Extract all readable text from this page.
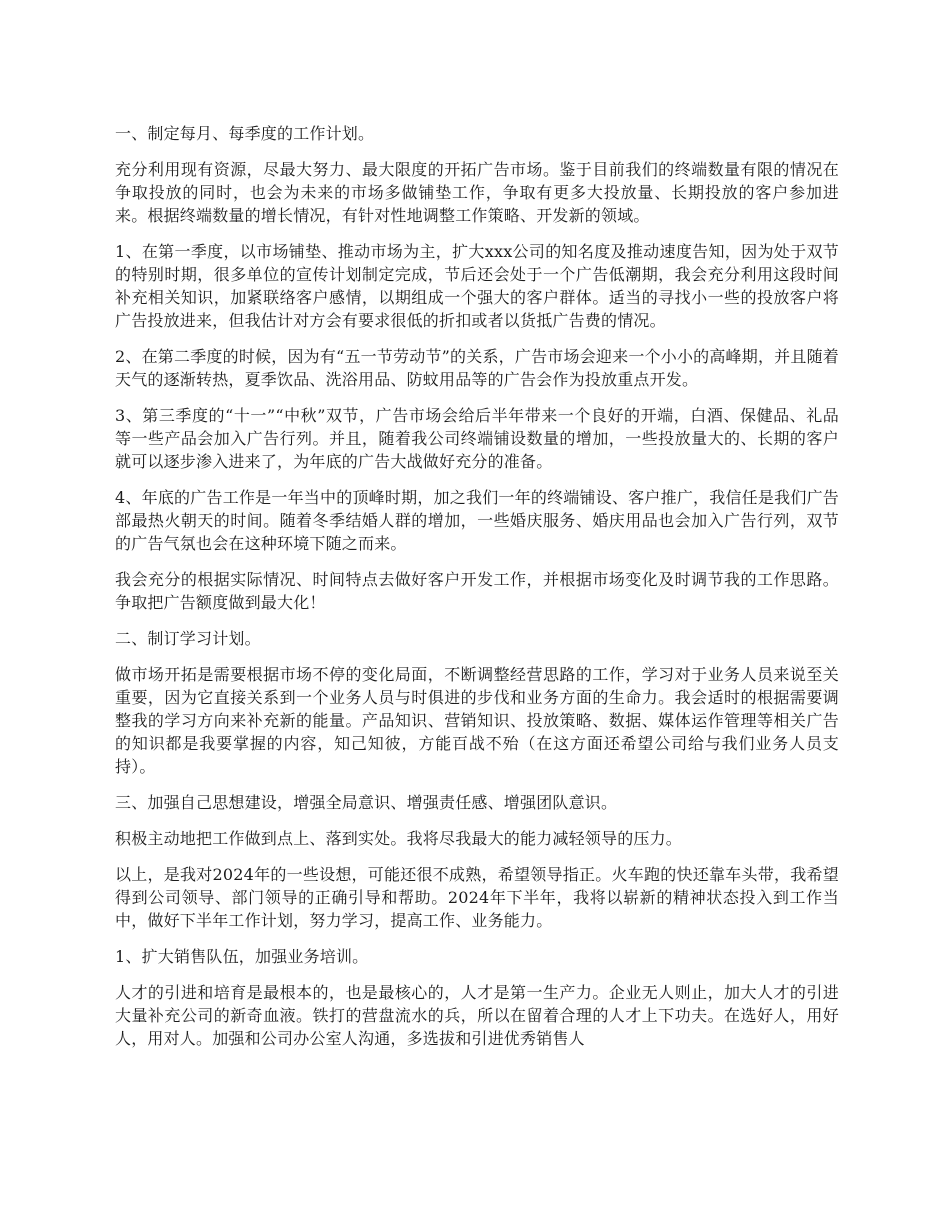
一、制定每月、每季度的工作计划。

充分利用现有资源，尽最大努力、最大限度的开拓广告市场。鉴于目前我们的终端数量有限的情况在争取投放的同时，也会为未来的市场多做铺垫工作，争取有更多大投放量、长期投放的客户参加进来。根据终端数量的增长情况，有针对性地调整工作策略、开发新的领域。

1、在第一季度，以市场铺垫、推动市场为主，扩大xxx公司的知名度及推动速度告知，因为处于双节的特别时期，很多单位的宣传计划制定完成，节后还会处于一个广告低潮期，我会充分利用这段时间补充相关知识，加紧联络客户感情，以期组成一个强大的客户群体。适当的寻找小一些的投放客户将广告投放进来，但我估计对方会有要求很低的折扣或者以货抵广告费的情况。

2、在第二季度的时候，因为有“五一节劳动节”的关系，广告市场会迎来一个小小的高峰期，并且随着天气的逐渐转热，夏季饮品、洗浴用品、防蚊用品等的广告会作为投放重点开发。

3、第三季度的“十一”“中秋”双节，广告市场会给后半年带来一个良好的开端，白酒、保健品、礼品等一些产品会加入广告行列。并且，随着我公司终端铺设数量的增加，一些投放量大的、长期的客户就可以逐步渗入进来了，为年底的广告大战做好充分的准备。

4、年底的广告工作是一年当中的顶峰时期，加之我们一年的终端铺设、客户推广，我信任是我们广告部最热火朝天的时间。随着冬季结婚人群的增加，一些婚庆服务、婚庆用品也会加入广告行列，双节的广告气氛也会在这种环境下随之而来。

我会充分的根据实际情况、时间特点去做好客户开发工作，并根据市场变化及时调节我的工作思路。争取把广告额度做到最大化！

二、制订学习计划。

做市场开拓是需要根据市场不停的变化局面，不断调整经营思路的工作，学习对于业务人员来说至关重要，因为它直接关系到一个业务人员与时俱进的步伐和业务方面的生命力。我会适时的根据需要调整我的学习方向来补充新的能量。产品知识、营销知识、投放策略、数据、媒体运作管理等相关广告的知识都是我要掌握的内容，知己知彼，方能百战不殆（在这方面还希望公司给与我们业务人员支持）。

三、加强自己思想建设，增强全局意识、增强责任感、增强团队意识。

积极主动地把工作做到点上、落到实处。我将尽我最大的能力减轻领导的压力。

以上，是我对2024年的一些设想，可能还很不成熟，希望领导指正。火车跑的快还靠车头带，我希望得到公司领导、部门领导的正确引导和帮助。2024年下半年，我将以崭新的精神状态投入到工作当中，做好下半年工作计划，努力学习，提高工作、业务能力。

1、扩大销售队伍，加强业务培训。

人才的引进和培育是最根本的，也是最核心的，人才是第一生产力。企业无人则止，加大人才的引进大量补充公司的新奇血液。铁打的营盘流水的兵，所以在留着合理的人才上下功夫。在选好人，用好人，用对人。加强和公司办公室人沟通，多选拔和引进优秀销售人
